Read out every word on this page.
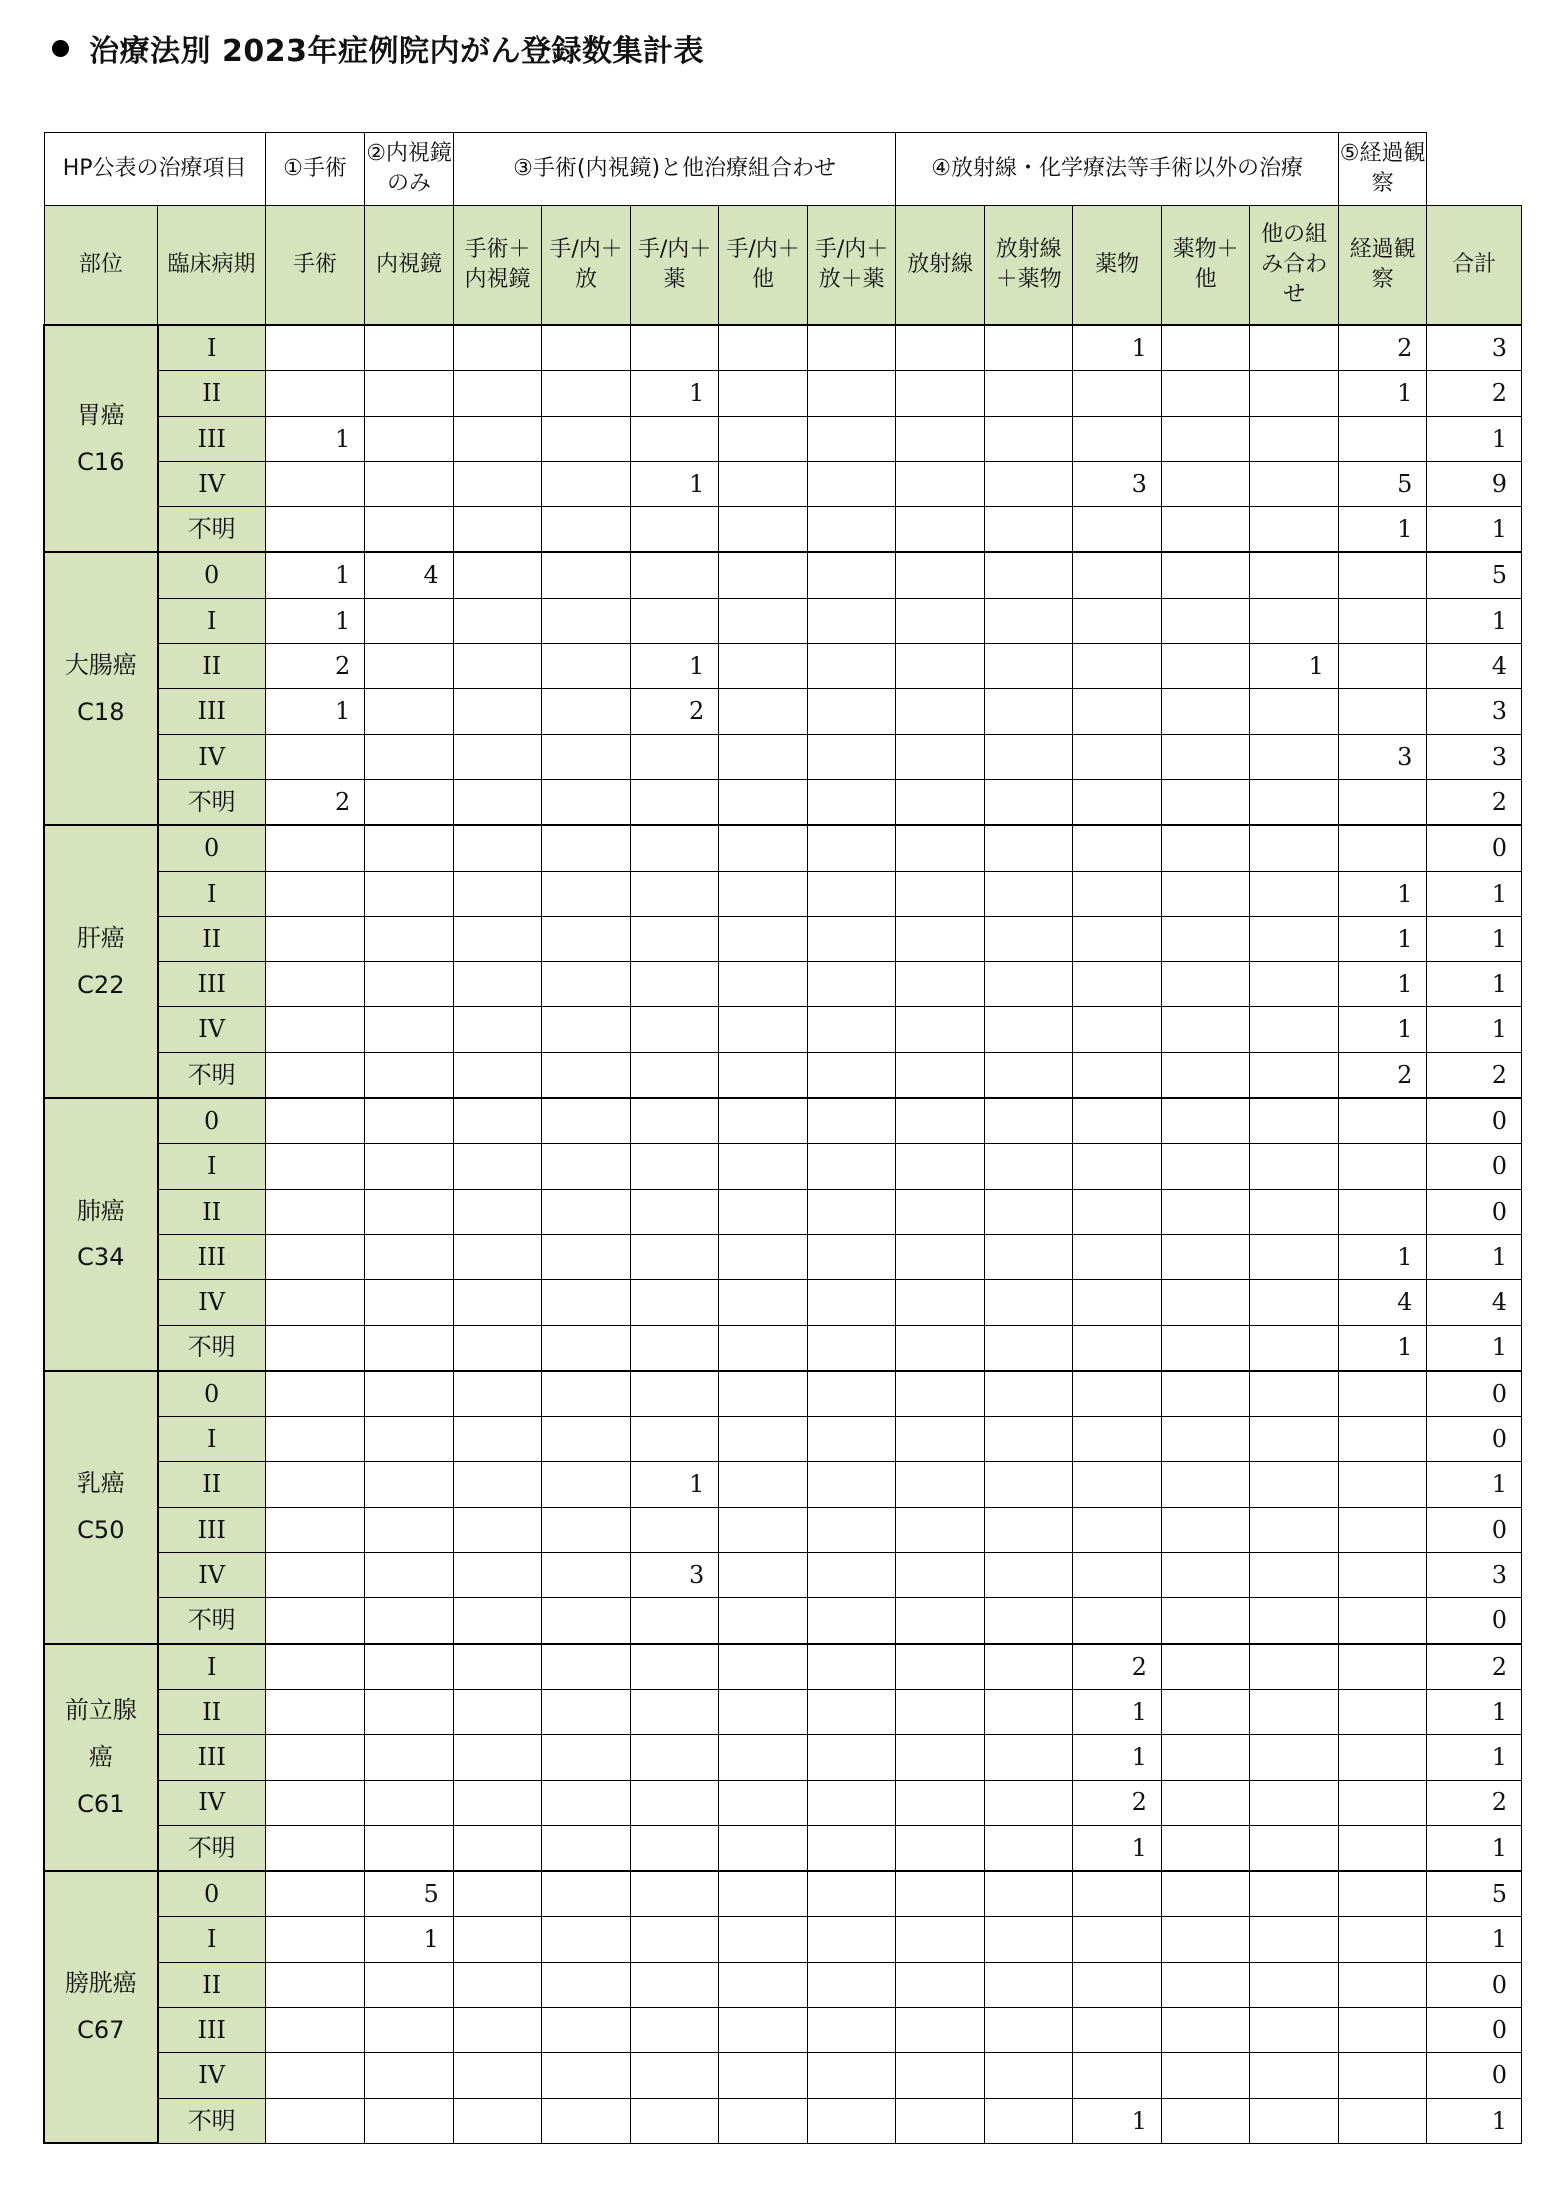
治療法別 2023年症例院内がん登録数集計表
HP公表の治療項目		①手術	②内視鏡のみ	③手術(内視鏡)と他治療組合わせ					④放射線・化学療法等手術以外の治療					⑤経過観察	
部位	臨床病期	手術	内視鏡	手術＋内視鏡	手/内＋放	手/内＋薬	手/内＋他	手/内＋放＋薬	放射線	放射線＋薬物	薬物	薬物＋他	他の組み合わせ	経過観察	合計
胃癌
C16	I										1			2	3
	II					1								1	2
	III	1													1
	IV					1					3			5	9
	不明													1	1
大腸癌
C18	0	1	4												5
	I	1													1
	II	2				1							1		4
	III	1				2									3
	IV													3	3
	不明	2													2
肝癌
C22	0														0
	I													1	1
	II													1	1
	III													1	1
	IV													1	1
	不明													2	2
肺癌
C34	0														0
	I														0
	II														0
	III													1	1
	IV													4	4
	不明													1	1
乳癌
C50	0														0
	I														0
	II					1									1
	III														0
	IV					3									3
	不明														0
前立腺
癌
C61	I										2				2
	II										1				1
	III										1				1
	IV										2				2
	不明										1				1
膀胱癌
C67	0		5												5
	I		1												1
	II														0
	III														0
	IV														0
	不明										1				1
